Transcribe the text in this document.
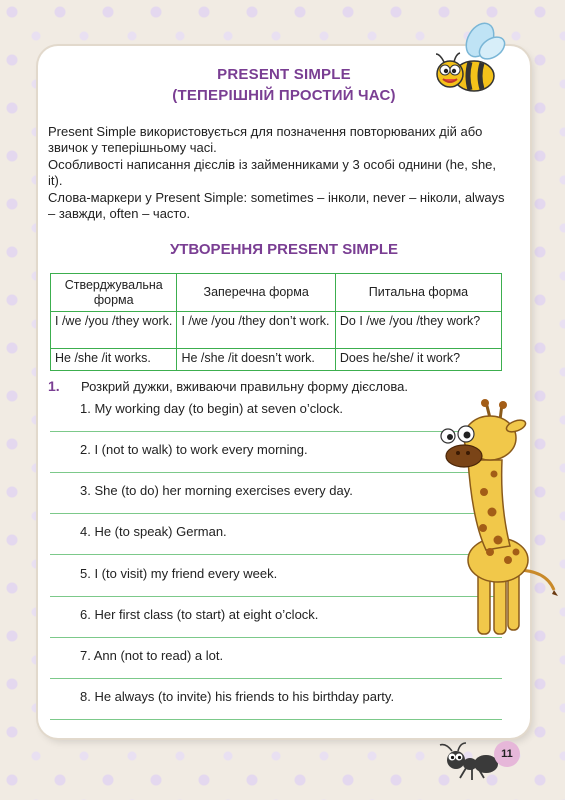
PRESENT SIMPLE
(ТЕПЕРІШНІЙ ПРОСТИЙ ЧАС)
Present Simple використовується для позначення повторюваних дій або звичок у теперішньому часі.
Особливості написання дієслів із займенниками у 3 особі однини (he, she, it).
Слова-маркери у Present Simple: sometimes – інколи, never – ніколи, always – завжди, often – часто.
УТВОРЕННЯ PRESENT SIMPLE
Стверджувальна форма	Заперечна форма	Питальна форма
I /we /you /they work.	I /we /you /they don’t work.	Do I /we /you /they work?
He /she /it works.	He /she /it doesn’t work.	Does he/she/ it work?
1. Розкрий дужки, вживаючи правильну форму дієслова.
1. My working day (to begin) at seven o’clock.
2. I (not to walk) to work every morning.
3. She (to do) her morning exercises every day.
4. He (to speak) German.
5. I (to visit) my friend every week.
6. Her first class (to start) at eight o’clock.
7. Ann (not to read) a lot.
8. He always (to invite) his friends to his birthday party.
11
